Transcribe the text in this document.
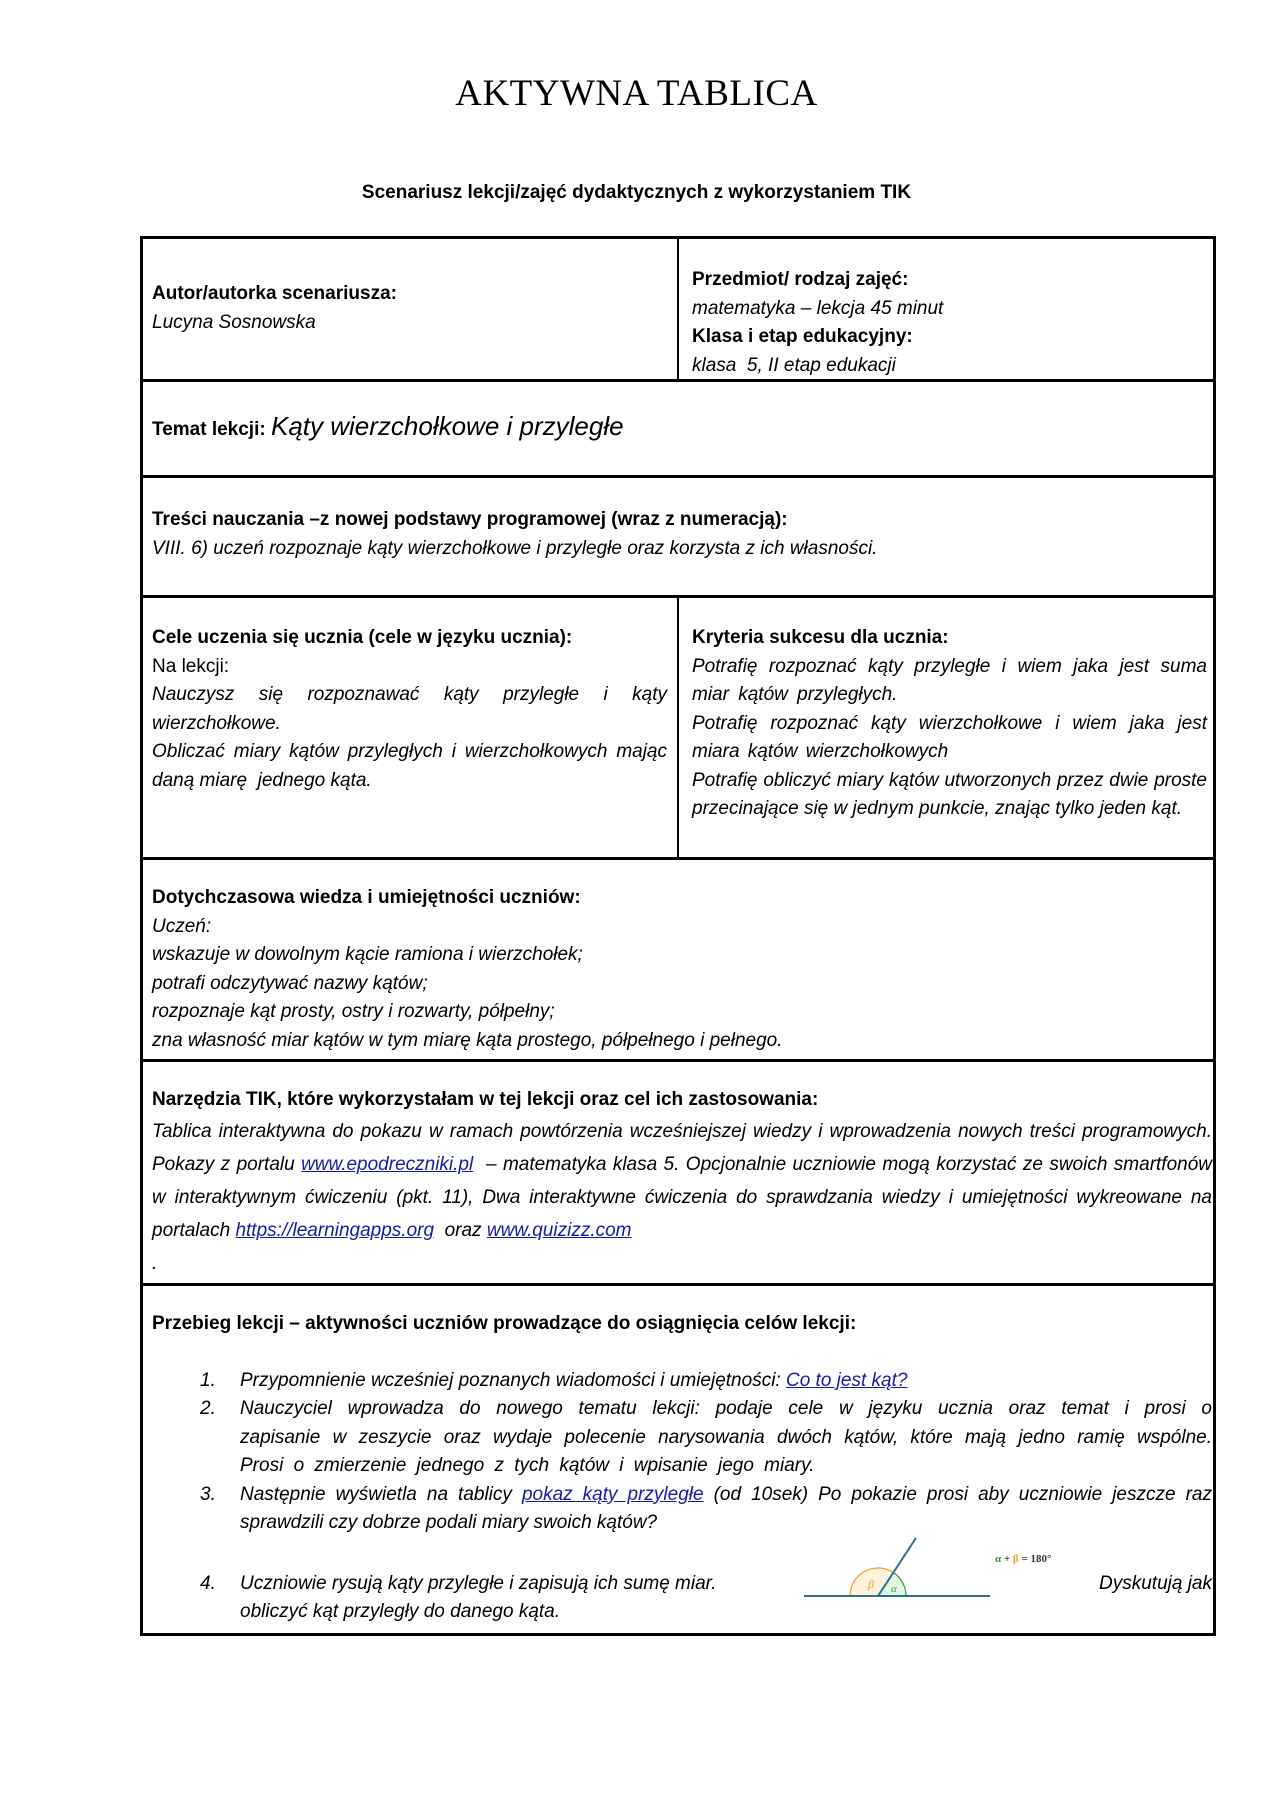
AKTYWNA TABLICA
Scenariusz lekcji/zajęć dydaktycznych z wykorzystaniem TIK
Autor/autorka scenariusza:
Lucyna Sosnowska
Przedmiot/ rodzaj zajęć:
matematyka – lekcja 45 minut
Klasa i etap edukacyjny:
klasa  5, II etap edukacji
Temat lekcji: Kąty wierzchołkowe i przyległe
Treści nauczania –z nowej podstawy programowej (wraz z numeracją):
VIII. 6) uczeń rozpoznaje kąty wierzchołkowe i przyległe oraz korzysta z ich własności.
Cele uczenia się ucznia (cele w języku ucznia):
Na lekcji:
Nauczysz się rozpoznawać kąty przyległe i kąty wierzchołkowe.
Obliczać miary kątów przyległych i wierzchołkowych mając daną miarę  jednego kąta.
Kryteria sukcesu dla ucznia:
Potrafię rozpoznać kąty przyległe i wiem jaka jest suma miar kątów przyległych.
Potrafię rozpoznać kąty wierzchołkowe i wiem jaka jest miara kątów wierzchołkowych
Potrafię obliczyć miary kątów utworzonych przez dwie proste przecinające się w jednym punkcie, znając tylko jeden kąt.
Dotychczasowa wiedza i umiejętności uczniów:
Uczeń:
wskazuje w dowolnym kącie ramiona i wierzchołek;
potrafi odczytywać nazwy kątów;
rozpoznaje kąt prosty, ostry i rozwarty, półpełny;
zna własność miar kątów w tym miarę kąta prostego, półpełnego i pełnego.
Narzędzia TIK, które wykorzystałam w tej lekcji oraz cel ich zastosowania:
Tablica interaktywna do pokazu w ramach powtórzenia wcześniejszej wiedzy i wprowadzenia nowych treści programowych. Pokazy z portalu www.epodreczniki.pl  – matematyka klasa 5. Opcjonalnie uczniowie mogą korzystać ze swoich smartfonów w interaktywnym ćwiczeniu (pkt. 11), Dwa interaktywne ćwiczenia do sprawdzania wiedzy i umiejętności wykreowane na portalach https://learningapps.org  oraz www.quizizz.com
.
Przebieg lekcji – aktywności uczniów prowadzące do osiągnięcia celów lekcji:
1. Przypomnienie wcześniej poznanych wiadomości i umiejętności: Co to jest kąt?
2. Nauczyciel wprowadza do nowego tematu lekcji: podaje cele w języku ucznia oraz temat i prosi o zapisanie w zeszycie oraz wydaje polecenie narysowania dwóch kątów, które mają jedno ramię wspólne. Prosi o zmierzenie jednego z tych kątów i wpisanie jego miary.
3. Następnie wyświetla na tablicy pokaz kąty przyległe (od 10sek) Po pokazie prosi aby uczniowie jeszcze raz sprawdzili czy dobrze podali miary swoich kątów?
4. Uczniowie rysują kąty przyległe i zapisują ich sumę miar.	Dyskutują jak

obliczyć kąt przyległy do danego kąta.
β α
α + β = 180°
